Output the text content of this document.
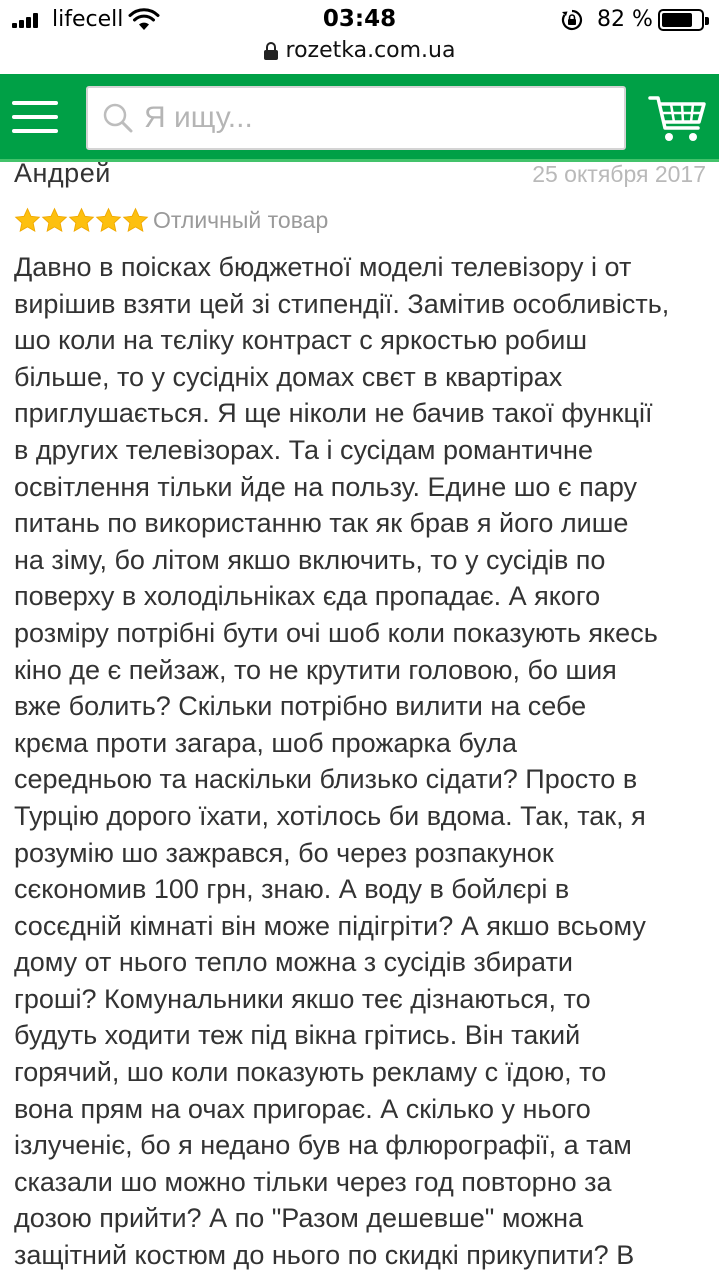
lifecell	03:48	82 %
rozetka.com.ua
Я ищу...
Андрей	25 октября 2017
Отличный товар
Давно в поісках бюджетної моделі телевізору і от
вирішив взяти цей зі стипендії. Замітив особливість,
шо коли на тєліку контраст с яркостью робиш
більше, то у сусідніх домах свєт в квартірах
приглушається. Я ще ніколи не бачив такої функції
в других телевізорах. Та і сусідам романтичне
освітлення тільки йде на пользу. Едине шо є пару
питань по використанню так як брав я його лише
на зіму, бо літом якшо включить, то у сусідів по
поверху в холодільніках єда пропадає. А якого
розміру потрібні бути очі шоб коли показують якесь
кіно де є пейзаж, то не крутити головою, бо шия
вже болить? Скільки потрібно вилити на себе
крєма проти загара, шоб прожарка була
середньою та наскільки близько сідати? Просто в
Турцію дорого їхати, хотілось би вдома. Так, так, я
розумію шо зажрався, бо через розпакунок
сєкономив 100 грн, знаю. А воду в бойлєрі в
сосєдній кімнаті він може підігріти? А якшо всьому
дому от нього тепло можна з сусідів збирати
гроші? Комунальники якшо теє дізнаються, то
будуть ходити теж під вікна грітись. Він такий
горячий, шо коли показують рекламу с їдою, то
вона прям на очах пригорає. А скілько у нього
ізлученіє, бо я недано був на флюрографії, а там
сказали шо можно тільки через год повторно за
дозою прийти? А по "Разом дешевше" можна
защітний костюм до нього по скидкі прикупити? В
